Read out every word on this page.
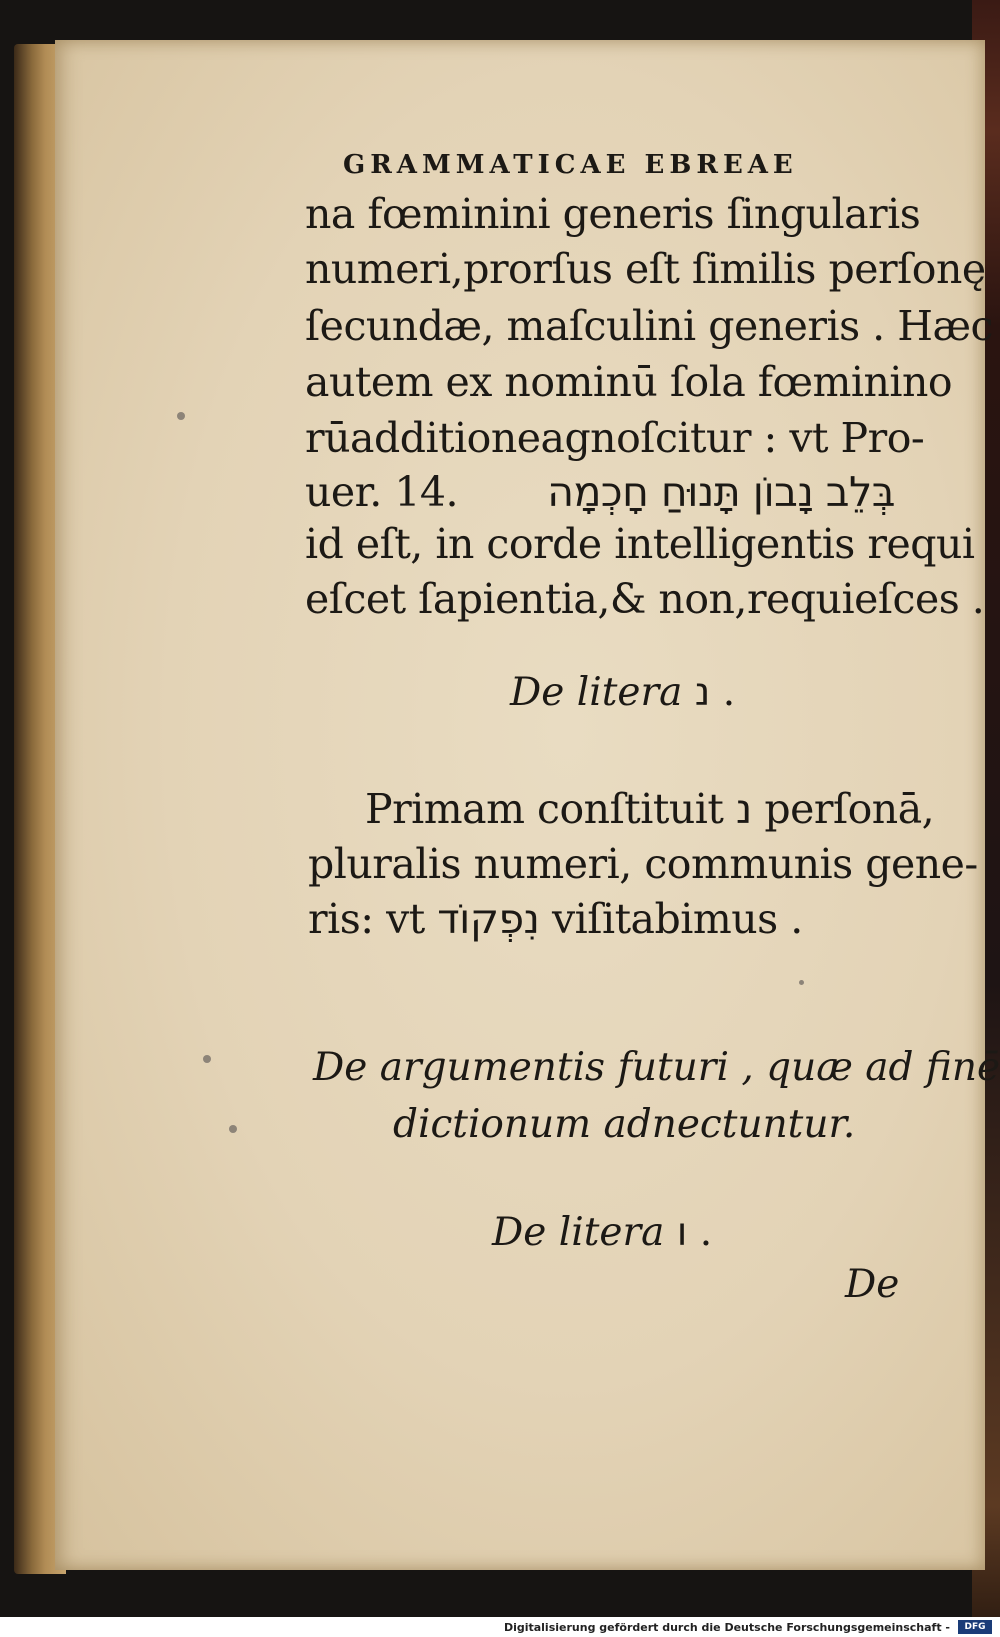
GRAMMATICAE EBREAE
na fœminini generis ſingularis
numeri,prorſus eſt ſimilis perſonę
ſecundæ, maſculini generis . Hæc
autem ex nominū ſola fœminino
rūadditioneagnoſcitur : vt Pro-
uer. 14.	בְּלֵב נָבוֹן תָּנוּחַ חָכְמָה
id eſt, in corde intelligentis requi
eſcet ſapientia,& non,requieſces .
De litera נ .
Primam conſtituit נ perſonā,
pluralis numeri, communis gene-
ris: vt נִפְקוֹד viſitabimus .
De argumentis futuri , quæ ad finē
dictionum adnectuntur.
De litera ו .
De
Digitalisierung gefördert durch die Deutsche Forschungsgemeinschaft -	DFG
